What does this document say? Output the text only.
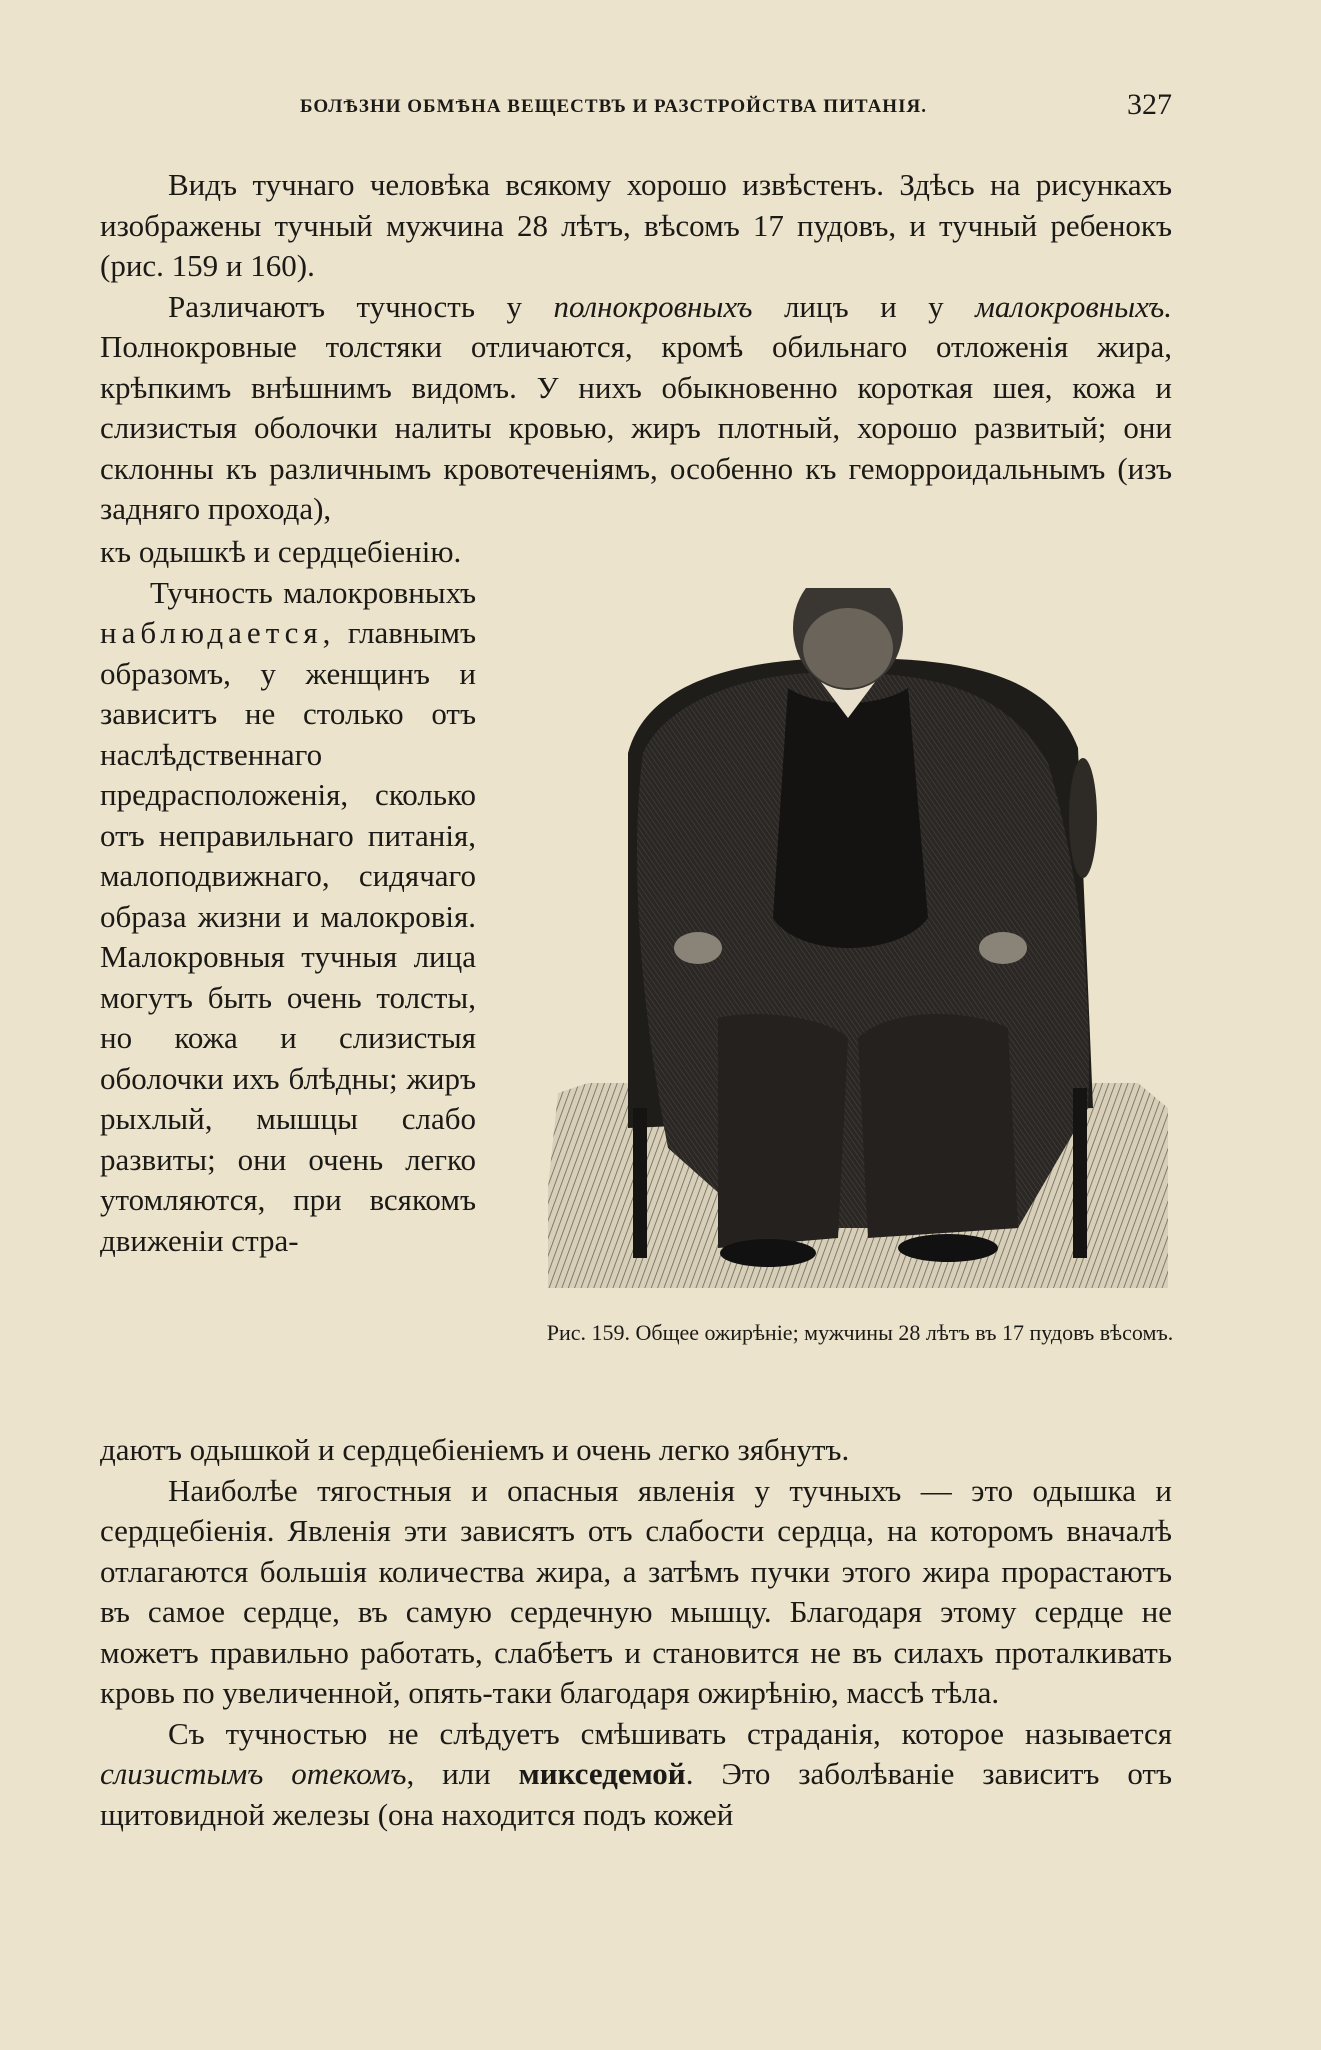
БОЛѢЗНИ ОБМѢНА ВЕЩЕСТВЪ И РАЗСТРОЙСТВА ПИТАНІЯ.	327

Видъ тучнаго человѣка всякому хорошо извѣстенъ. Здѣсь на рисункахъ изображены тучный мужчина 28 лѣтъ, вѣсомъ 17 пудовъ, и тучный ребенокъ (рис. 159 и 160).

Различаютъ тучность у полнокровныхъ лицъ и у малокровныхъ. Полнокровные толстяки отличаются, кромѣ обильнаго отложенія жира, крѣпкимъ внѣшнимъ видомъ. У нихъ обыкновенно короткая шея, кожа и слизистыя оболочки налиты кровью, жиръ плотный, хорошо развитый; они склонны къ различнымъ кровотеченіямъ, особенно къ геморроидальнымъ (изъ задняго прохода),

къ одышкѣ и сердцебіенію.

Тучность малокровныхъ наблюдается, главнымъ образомъ, у женщинъ и зависитъ не столько отъ наслѣдственнаго предрасположенія, сколько отъ неправильнаго питанія, малоподвижнаго, сидячаго образа жизни и малокровія. Малокровныя тучныя лица могутъ быть очень толсты, но кожа и слизистыя оболочки ихъ блѣдны; жиръ рыхлый, мышцы слабо развиты; они очень легко утомляются, при всякомъ движеніи стра-

Рис. 159. Общее ожирѣніе; мужчины 28 лѣтъ въ 17 пудовъ вѣсомъ.

даютъ одышкой и сердцебіеніемъ и очень легко зябнутъ.

Наиболѣе тягостныя и опасныя явленія у тучныхъ — это одышка и сердцебіенія. Явленія эти зависятъ отъ слабости сердца, на которомъ вначалѣ отлагаются большія количества жира, а затѣмъ пучки этого жира прорастаютъ въ самое сердце, въ самую сердечную мышцу. Благодаря этому сердце не можетъ правильно работать, слабѣетъ и становится не въ силахъ проталкивать кровь по увеличенной, опять-таки благодаря ожирѣнію, массѣ тѣла.

Съ тучностью не слѣдуетъ смѣшивать страданія, которое называется слизистымъ отекомъ, или микседемой. Это заболѣваніе зависитъ отъ щитовидной железы (она находится подъ кожей
